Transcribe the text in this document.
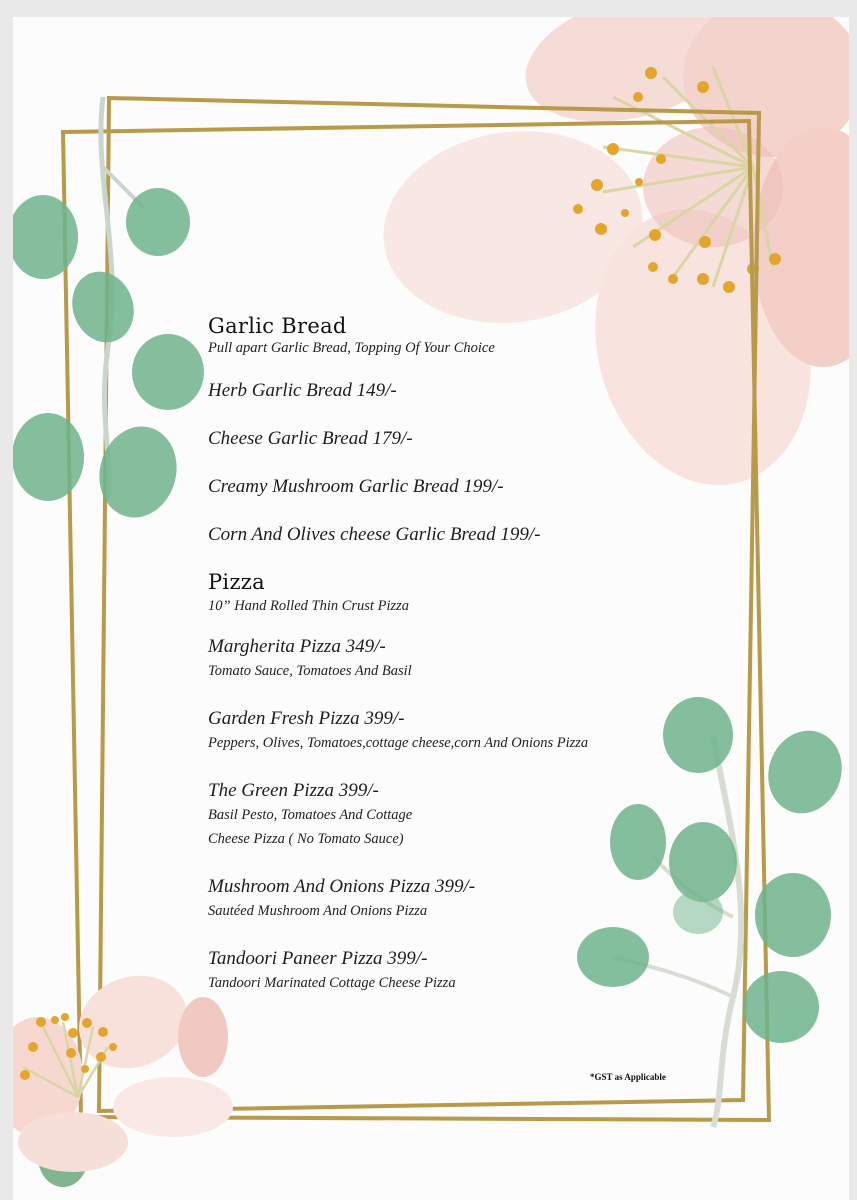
Garlic Bread

Pull apart Garlic Bread, Topping Of Your Choice

Herb Garlic Bread 149/-
Cheese Garlic Bread 179/-
Creamy Mushroom Garlic Bread 199/-
Corn And Olives cheese Garlic Bread 199/-
Pizza

10” Hand Rolled Thin Crust Pizza

Margherita Pizza 349/-
Tomato Sauce, Tomatoes And Basil
Garden Fresh Pizza 399/-
Peppers, Olives, Tomatoes,cottage cheese,corn And Onions Pizza
The Green Pizza 399/-
Basil Pesto, Tomatoes And Cottage
Cheese Pizza ( No Tomato Sauce)
Mushroom And Onions Pizza 399/-
Sautéed Mushroom And Onions Pizza
Tandoori Paneer Pizza 399/-
Tandoori Marinated Cottage Cheese Pizza
*GST as Applicable
